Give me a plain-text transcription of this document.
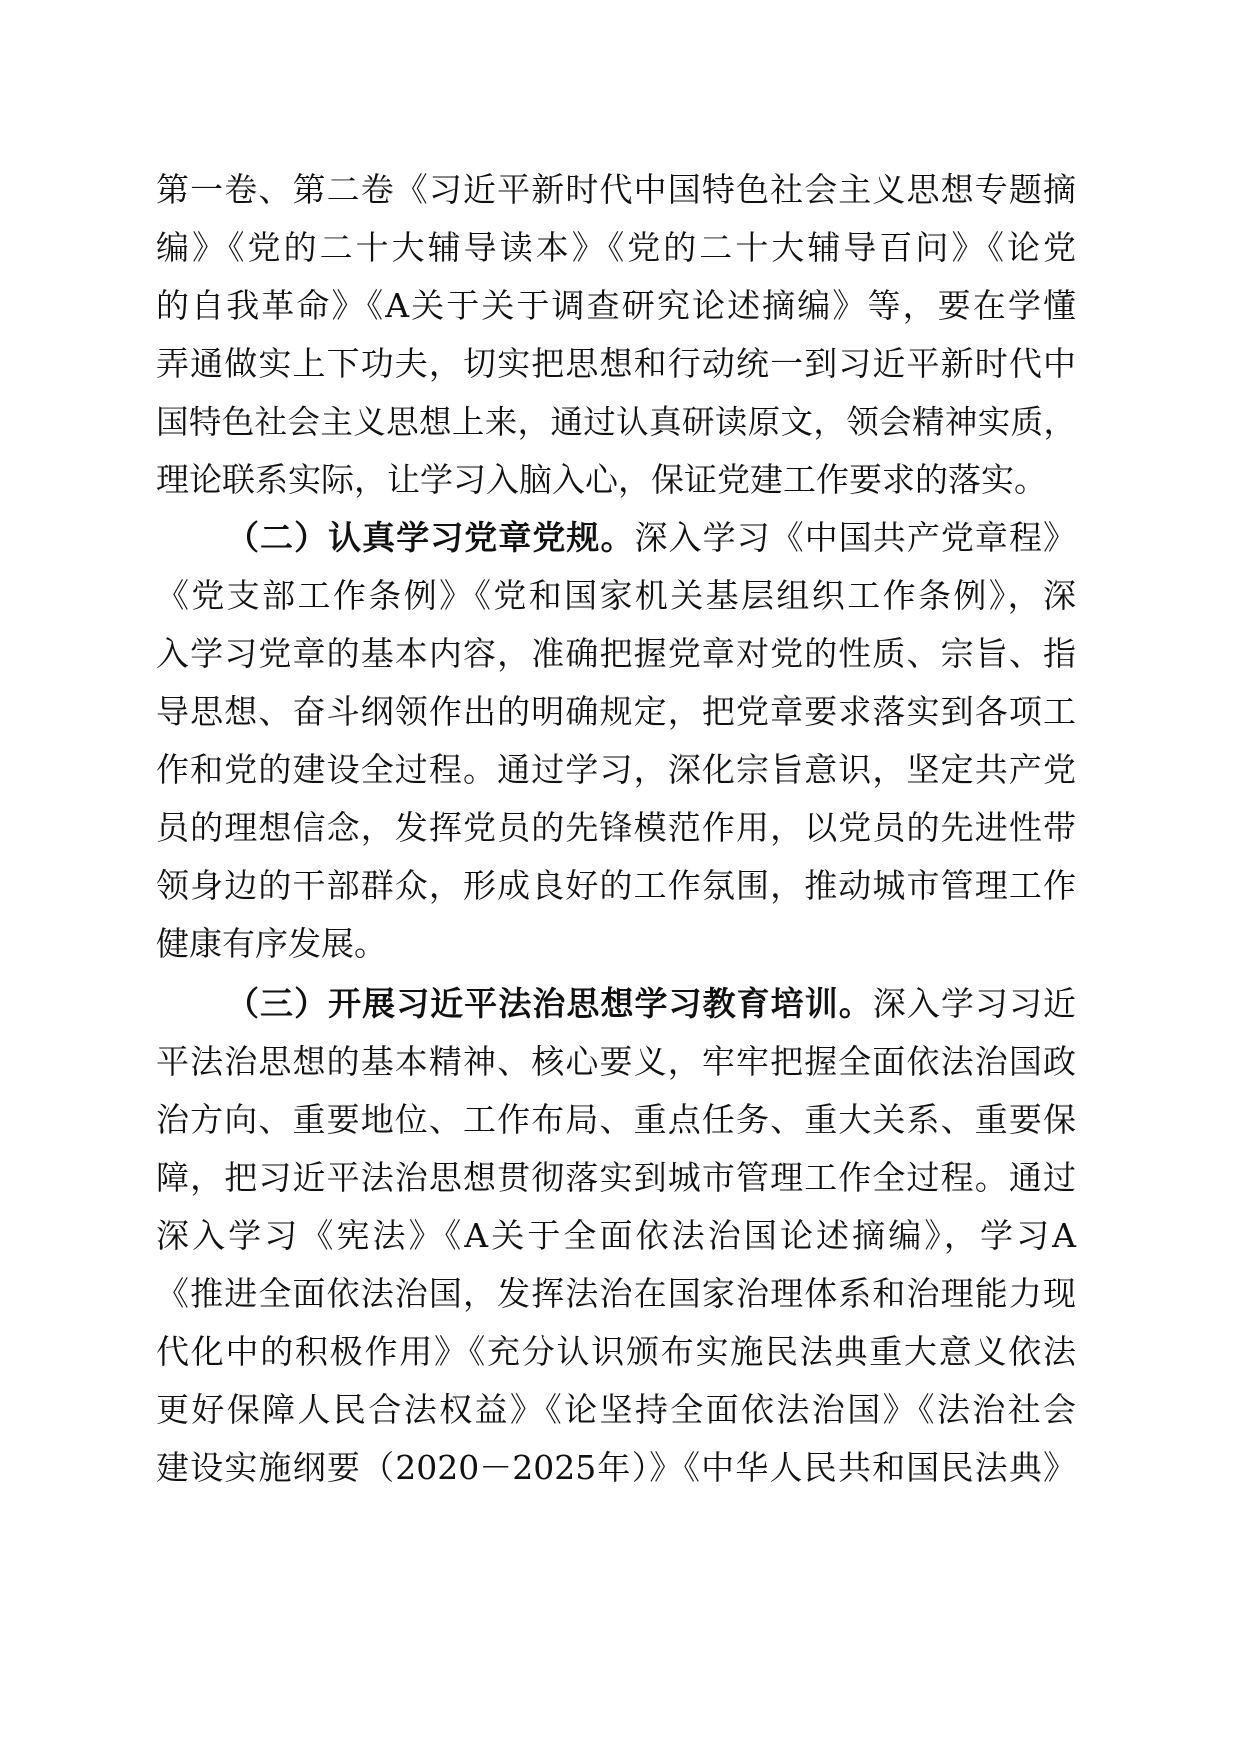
第一卷、第二卷《习近平新时代中国特色社会主义思想专题摘
编》《党的二十大辅导读本》《党的二十大辅导百问》《论党
的自我革命》《A关于关于调查研究论述摘编》等，要在学懂
弄通做实上下功夫，切实把思想和行动统一到习近平新时代中
国特色社会主义思想上来，通过认真研读原文，领会精神实质，
理论联系实际，让学习入脑入心，保证党建工作要求的落实。
（二）认真学习党章党规。深入学习《中国共产党章程》
《党支部工作条例》《党和国家机关基层组织工作条例》，深
入学习党章的基本内容，准确把握党章对党的性质、宗旨、指
导思想、奋斗纲领作出的明确规定，把党章要求落实到各项工
作和党的建设全过程。通过学习，深化宗旨意识，坚定共产党
员的理想信念，发挥党员的先锋模范作用，以党员的先进性带
领身边的干部群众，形成良好的工作氛围，推动城市管理工作
健康有序发展。
（三）开展习近平法治思想学习教育培训。深入学习习近
平法治思想的基本精神、核心要义，牢牢把握全面依法治国政
治方向、重要地位、工作布局、重点任务、重大关系、重要保
障，把习近平法治思想贯彻落实到城市管理工作全过程。通过
深入学习《宪法》《A关于全面依法治国论述摘编》，学习A
《推进全面依法治国，发挥法治在国家治理体系和治理能力现
代化中的积极作用》《充分认识颁布实施民法典重大意义依法
更好保障人民合法权益》《论坚持全面依法治国》《法治社会
建设实施纲要（2020－2025年）》《中华人民共和国民法典》
